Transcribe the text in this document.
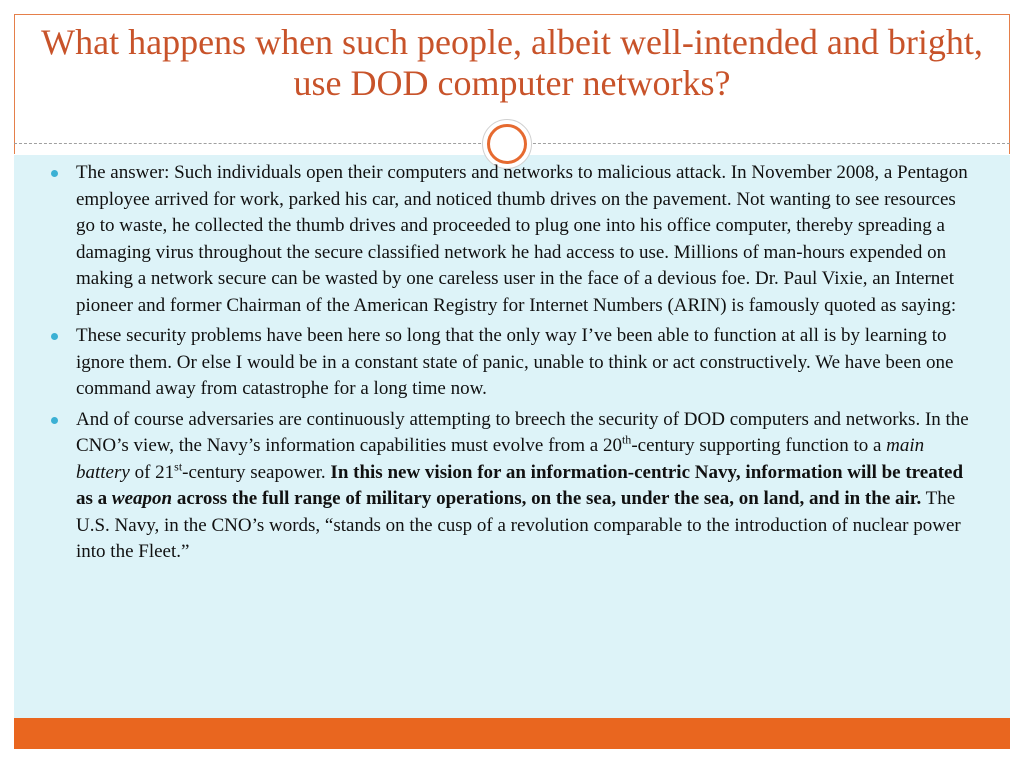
What happens when such people, albeit well-intended and bright, use DOD computer networks?
The answer: Such individuals open their computers and networks to malicious attack. In November 2008, a Pentagon employee arrived for work, parked his car, and noticed thumb drives on the pavement. Not wanting to see resources go to waste, he collected the thumb drives and proceeded to plug one into his office computer, thereby spreading a damaging virus throughout the secure classified network he had access to use. Millions of man-hours expended on making a network secure can be wasted by one careless user in the face of a devious foe. Dr. Paul Vixie, an Internet pioneer and former Chairman of the American Registry for Internet Numbers (ARIN) is famously quoted as saying:
These security problems have been here so long that the only way I’ve been able to function at all is by learning to ignore them. Or else I would be in a constant state of panic, unable to think or act constructively. We have been one command away from catastrophe for a long time now.
And of course adversaries are continuously attempting to breech the security of DOD computers and networks. In the CNO’s view, the Navy’s information capabilities must evolve from a 20th-century supporting function to a main battery of 21st-century seapower. In this new vision for an information-centric Navy, information will be treated as a weapon across the full range of military operations, on the sea, under the sea, on land, and in the air. The U.S. Navy, in the CNO’s words, “stands on the cusp of a revolution comparable to the introduction of nuclear power into the Fleet.”
